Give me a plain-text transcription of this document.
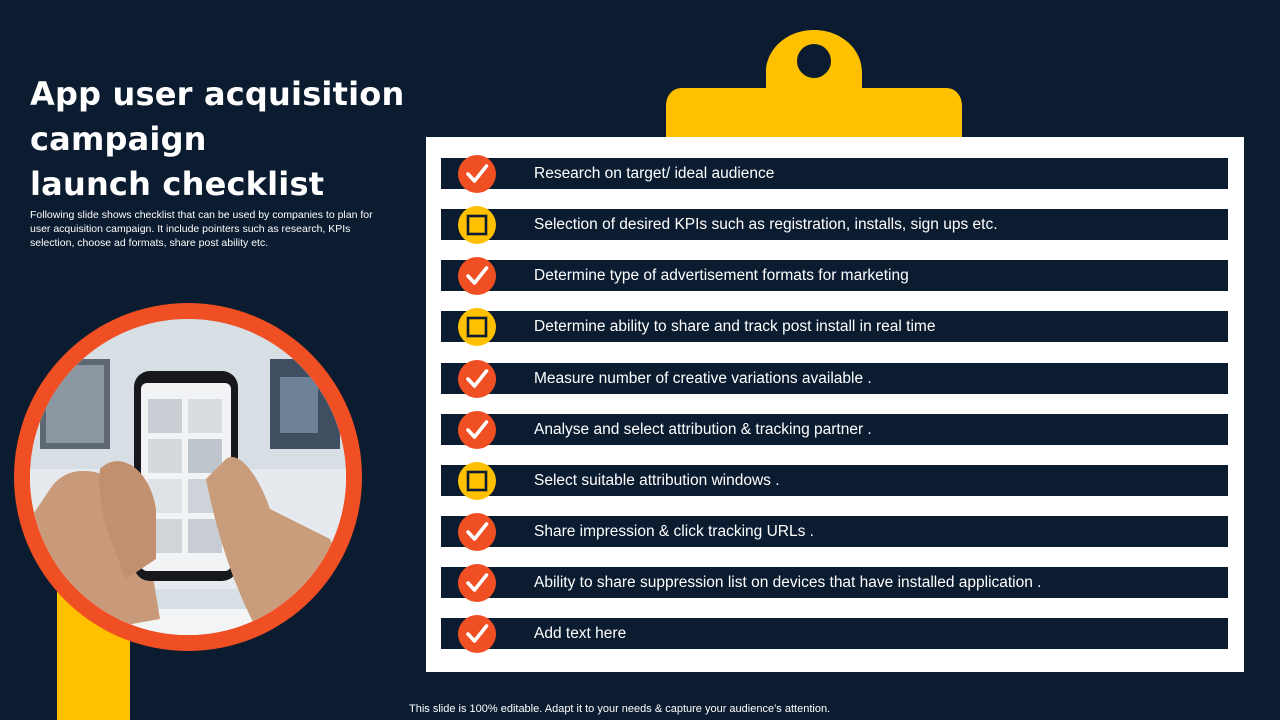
App user acquisition
campaign
launch checklist

Following slide shows checklist that can be used by companies to plan for user acquisition campaign. It include pointers such as research, KPIs selection, choose ad formats, share post ability etc.

Research on target/ ideal audience
Selection of desired KPIs such as registration, installs, sign ups etc.
Determine type of advertisement formats for marketing
Determine ability to share and track post install in real time
Measure number of creative variations available .
Analyse and select attribution & tracking partner .
Select suitable attribution windows .
Share impression & click tracking URLs .
Ability to share suppression list on devices that have installed application .
Add text here
This slide is 100% editable. Adapt it to your needs & capture your audience’s attention.
